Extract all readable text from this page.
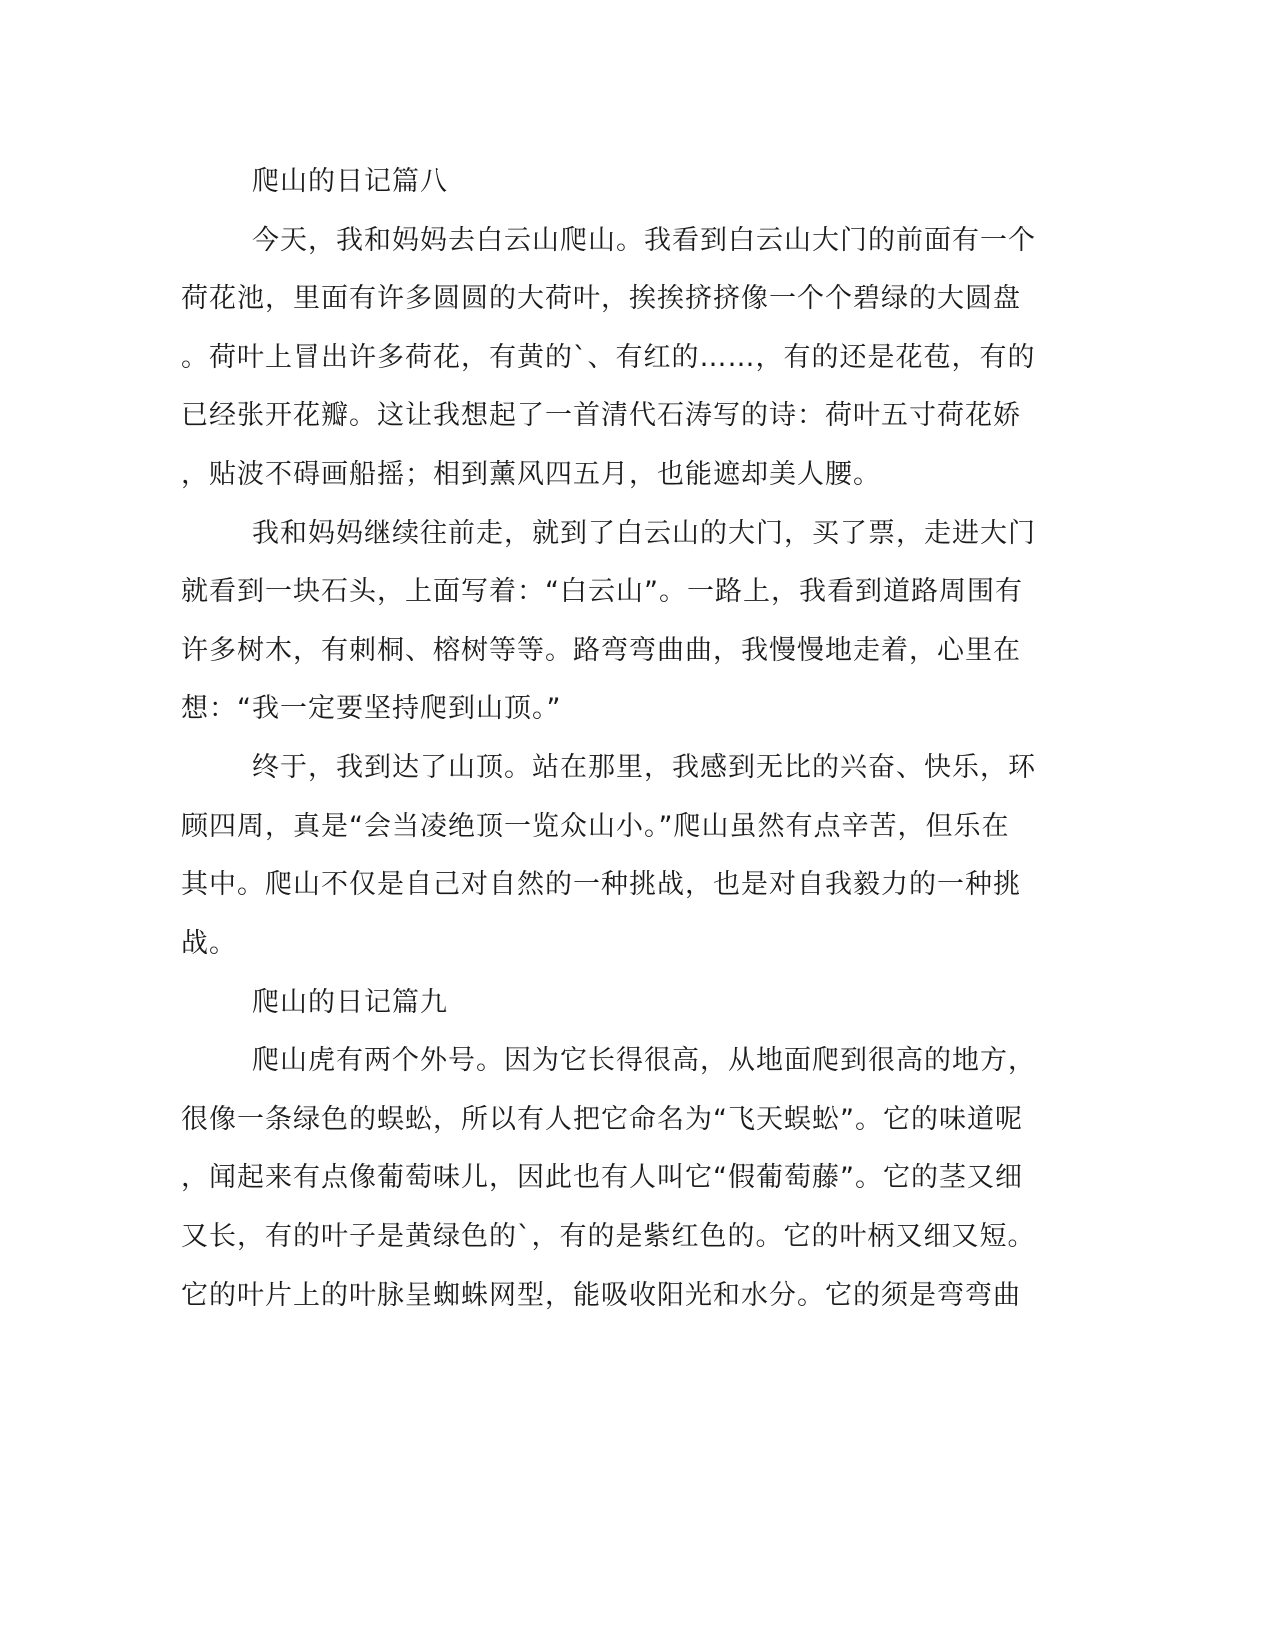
爬山的日记篇八
今天，我和妈妈去白云山爬山。我看到白云山大门的前面有一个
荷花池，里面有许多圆圆的大荷叶，挨挨挤挤像一个个碧绿的大圆盘
。荷叶上冒出许多荷花，有黄的`、有红的……，有的还是花苞，有的
已经张开花瓣。这让我想起了一首清代石涛写的诗：荷叶五寸荷花娇
，贴波不碍画船摇；相到薰风四五月，也能遮却美人腰。
我和妈妈继续往前走，就到了白云山的大门，买了票，走进大门
就看到一块石头，上面写着：“白云山”。一路上，我看到道路周围有
许多树木，有刺桐、榕树等等。路弯弯曲曲，我慢慢地走着，心里在
想：“我一定要坚持爬到山顶。”
终于，我到达了山顶。站在那里，我感到无比的兴奋、快乐，环
顾四周，真是“会当凌绝顶一览众山小。”爬山虽然有点辛苦，但乐在
其中。爬山不仅是自己对自然的一种挑战，也是对自我毅力的一种挑
战。
爬山的日记篇九
爬山虎有两个外号。因为它长得很高，从地面爬到很高的地方，
很像一条绿色的蜈蚣，所以有人把它命名为“飞天蜈蚣”。它的味道呢
，闻起来有点像葡萄味儿，因此也有人叫它“假葡萄藤”。它的茎又细
又长，有的叶子是黄绿色的`，有的是紫红色的。它的叶柄又细又短。
它的叶片上的叶脉呈蜘蛛网型，能吸收阳光和水分。它的须是弯弯曲
